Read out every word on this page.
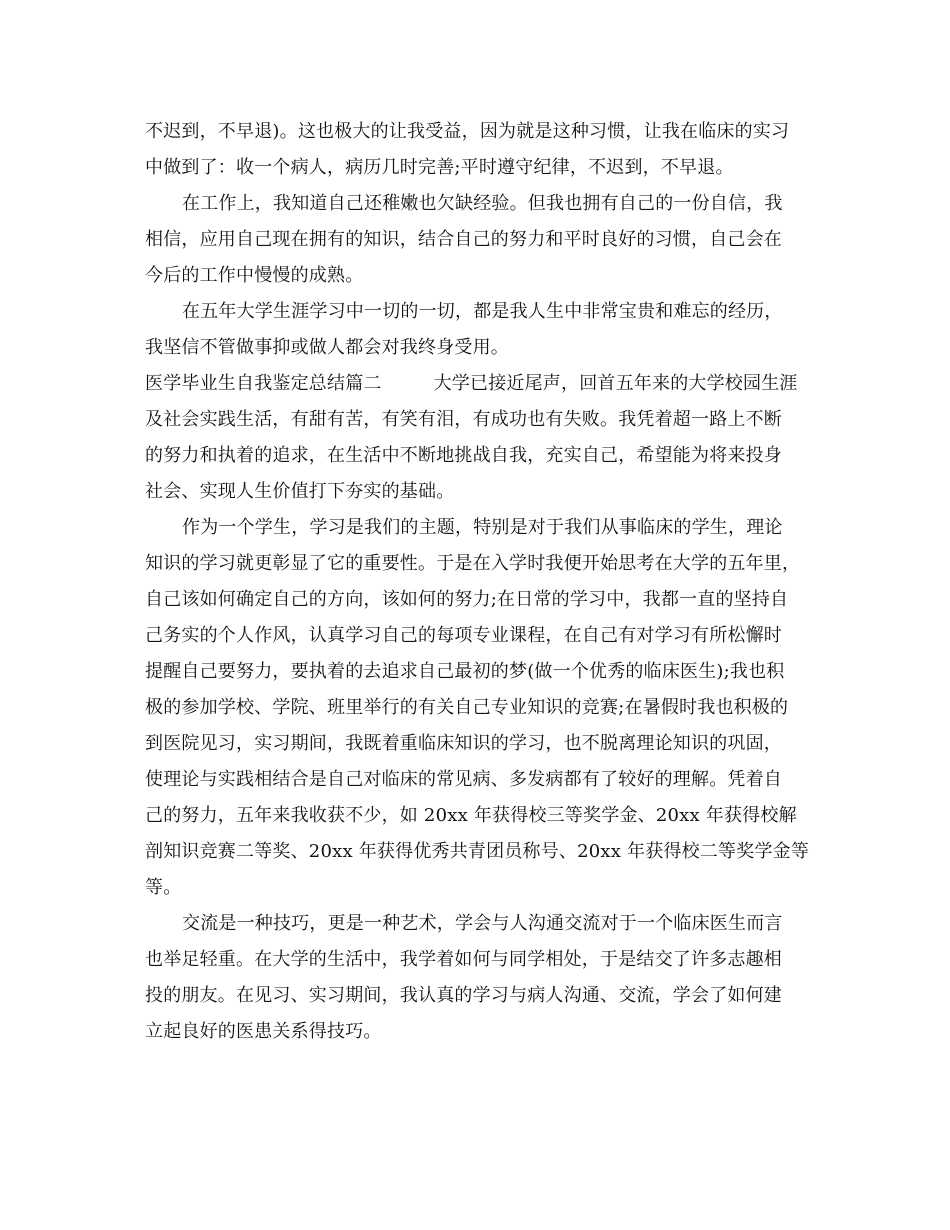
不迟到，不早退)。这也极大的让我受益，因为就是这种习惯，让我在临床的实习
中做到了：收一个病人，病历几时完善;平时遵守纪律，不迟到，不早退。
在工作上，我知道自己还稚嫩也欠缺经验。但我也拥有自己的一份自信，我
相信，应用自己现在拥有的知识，结合自己的努力和平时良好的习惯，自己会在
今后的工作中慢慢的成熟。
在五年大学生涯学习中一切的一切，都是我人生中非常宝贵和难忘的经历，
我坚信不管做事抑或做人都会对我终身受用。
医学毕业生自我鉴定总结篇二	大学已接近尾声，回首五年来的大学校园生涯
及社会实践生活，有甜有苦，有笑有泪，有成功也有失败。我凭着超一路上不断
的努力和执着的追求，在生活中不断地挑战自我，充实自己，希望能为将来投身
社会、实现人生价值打下夯实的基础。
作为一个学生，学习是我们的主题，特别是对于我们从事临床的学生，理论
知识的学习就更彰显了它的重要性。于是在入学时我便开始思考在大学的五年里，
自己该如何确定自己的方向，该如何的努力;在日常的学习中，我都一直的坚持自
己务实的个人作风，认真学习自己的每项专业课程，在自己有对学习有所松懈时
提醒自己要努力，要执着的去追求自己最初的梦(做一个优秀的临床医生);我也积
极的参加学校、学院、班里举行的有关自己专业知识的竞赛;在暑假时我也积极的
到医院见习，实习期间，我既着重临床知识的学习，也不脱离理论知识的巩固，
使理论与实践相结合是自己对临床的常见病、多发病都有了较好的理解。凭着自
己的努力，五年来我收获不少，如 20xx 年获得校三等奖学金、20xx 年获得校解
剖知识竞赛二等奖、20xx 年获得优秀共青团员称号、20xx 年获得校二等奖学金等
等。
交流是一种技巧，更是一种艺术，学会与人沟通交流对于一个临床医生而言
也举足轻重。在大学的生活中，我学着如何与同学相处，于是结交了许多志趣相
投的朋友。在见习、实习期间，我认真的学习与病人沟通、交流，学会了如何建
立起良好的医患关系得技巧。
